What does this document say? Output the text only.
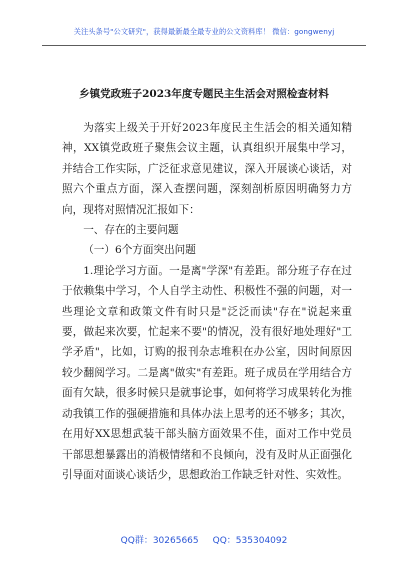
关注头条号"公文研究"，获得最新最全最专业的公文资料库！ 微信：gongwenyj
乡镇党政班子2023年度专题民主生活会对照检查材料

为落实上级关于开好2023年度民主生活会的相关通知精神，XX镇党政班子聚焦会议主题，认真组织开展集中学习，并结合工作实际，广泛征求意见建议，深入开展谈心谈话，对照六个重点方面，深入查摆问题，深刻剖析原因明确努力方向，现将对照情况汇报如下：

一、存在的主要问题

（一）6个方面突出问题

1.理论学习方面。一是离"学深"有差距。部分班子存在过于依赖集中学习，个人自学主动性、积极性不强的问题，对一些理论文章和政策文件有时只是"泛泛而读"存在"说起来重要，做起来次要，忙起来不要"的情况，没有很好地处理好"工学矛盾"，比如，订购的报刊杂志堆积在办公室，因时间原因较少翻阅学习。二是离"做实"有差距。班子成员在学用结合方面有欠缺，很多时候只是就事论事，如何将学习成果转化为推动我镇工作的强硬措施和具体办法上思考的还不够多；其次，在用好XX思想武装干部头脑方面效果不佳，面对工作中党员干部思想暴露出的消极情绪和不良倾向，没有及时从正面强化引导面对面谈心谈话少，思想政治工作缺乏针对性、实效性。

QQ群：30265665 QQ：535304092
